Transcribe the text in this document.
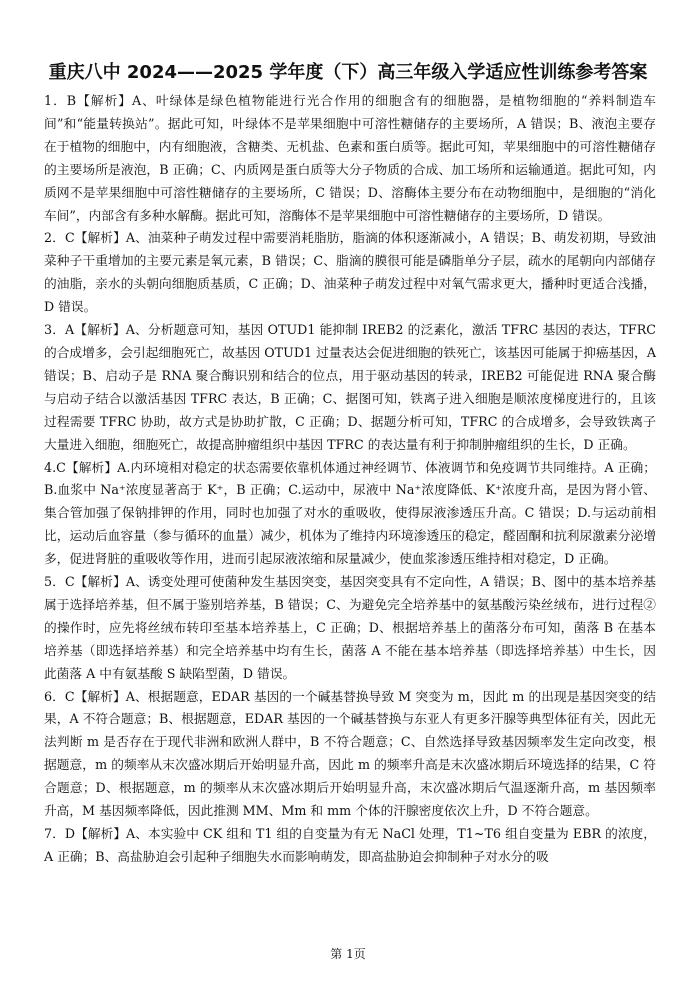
重庆八中 2024——2025 学年度（下）高三年级入学适应性训练参考答案

1．B【解析】A、叶绿体是绿色植物能进行光合作用的细胞含有的细胞器，是植物细胞的“养料制造车间”和“能量转换站”。据此可知，叶绿体不是苹果细胞中可溶性糖储存的主要场所，A 错误；B、液泡主要存在于植物的细胞中，内有细胞液，含糖类、无机盐、色素和蛋白质等。据此可知，苹果细胞中的可溶性糖储存的主要场所是液泡，B 正确；C、内质网是蛋白质等大分子物质的合成、加工场所和运输通道。据此可知，内质网不是苹果细胞中可溶性糖储存的主要场所，C 错误；D、溶酶体主要分布在动物细胞中，是细胞的“消化车间”，内部含有多种水解酶。据此可知，溶酶体不是苹果细胞中可溶性糖储存的主要场所，D 错误。

2．C【解析】A、油菜种子萌发过程中需要消耗脂肪，脂滴的体积逐渐减小，A 错误；B、萌发初期，导致油菜种子干重增加的主要元素是氧元素，B 错误；C、脂滴的膜很可能是磷脂单分子层，疏水的尾朝向内部储存的油脂，亲水的头朝向细胞质基质，C 正确；D、油菜种子萌发过程中对氧气需求更大，播种时更适合浅播，D 错误。

3．A【解析】A、分析题意可知，基因 OTUD1 能抑制 IREB2 的泛素化，激活 TFRC 基因的表达，TFRC 的合成增多，会引起细胞死亡，故基因 OTUD1 过量表达会促进细胞的铁死亡，该基因可能属于抑癌基因，A 错误；B、启动子是 RNA 聚合酶识别和结合的位点，用于驱动基因的转录，IREB2 可能促进 RNA 聚合酶与启动子结合以激活基因 TFRC 表达，B 正确；C、据图可知，铁离子进入细胞是顺浓度梯度进行的，且该过程需要 TFRC 协助，故方式是协助扩散，C 正确；D、据题分析可知，TFRC 的合成增多，会导致铁离子大量进入细胞，细胞死亡，故提高肿瘤组织中基因 TFRC 的表达量有利于抑制肿瘤组织的生长，D 正确。

4.C【解析】A.内环境相对稳定的状态需要依靠机体通过神经调节、体液调节和免疫调节共同维持。A 正确；B.血浆中 Na⁺浓度显著高于 K⁺，B 正确；C.运动中，尿液中 Na⁺浓度降低、K⁺浓度升高，是因为肾小管、集合管加强了保钠排钾的作用，同时也加强了对水的重吸收，使得尿液渗透压升高。C 错误；D.与运动前相比，运动后血容量（参与循环的血量）减少，机体为了维持内环境渗透压的稳定，醛固酮和抗利尿激素分泌增多，促进肾脏的重吸收等作用，进而引起尿液浓缩和尿量减少，使血浆渗透压维持相对稳定，D 正确。

5．C【解析】A、诱变处理可使菌种发生基因突变，基因突变具有不定向性，A 错误；B、图中的基本培养基属于选择培养基，但不属于鉴别培养基，B 错误；C、为避免完全培养基中的氨基酸污染丝绒布，进行过程②的操作时，应先将丝绒布转印至基本培养基上，C 正确；D、根据培养基上的菌落分布可知，菌落 B 在基本培养基（即选择培养基）和完全培养基中均有生长，菌落 A 不能在基本培养基（即选择培养基）中生长，因此菌落 A 中有氨基酸 S 缺陷型菌，D 错误。

6．C【解析】A、根据题意，EDAR 基因的一个碱基替换导致 M 突变为 m，因此 m 的出现是基因突变的结果，A 不符合题意；B、根据题意，EDAR 基因的一个碱基替换与东亚人有更多汗腺等典型体征有关，因此无法判断 m 是否存在于现代非洲和欧洲人群中，B 不符合题意；C、自然选择导致基因频率发生定向改变，根据题意，m 的频率从末次盛冰期后开始明显升高，因此 m 的频率升高是末次盛冰期后环境选择的结果，C 符合题意；D、根据题意，m 的频率从末次盛冰期后开始明显升高，末次盛冰期后气温逐渐升高，m 基因频率升高，M 基因频率降低，因此推测 MM、Mm 和 mm 个体的汗腺密度依次上升，D 不符合题意。

7．D【解析】A、本实验中 CK 组和 T1 组的自变量为有无 NaCl 处理，T1~T6 组自变量为 EBR 的浓度，A 正确；B、高盐胁迫会引起种子细胞失水而影响萌发，即高盐胁迫会抑制种子对水分的吸

第 1页
